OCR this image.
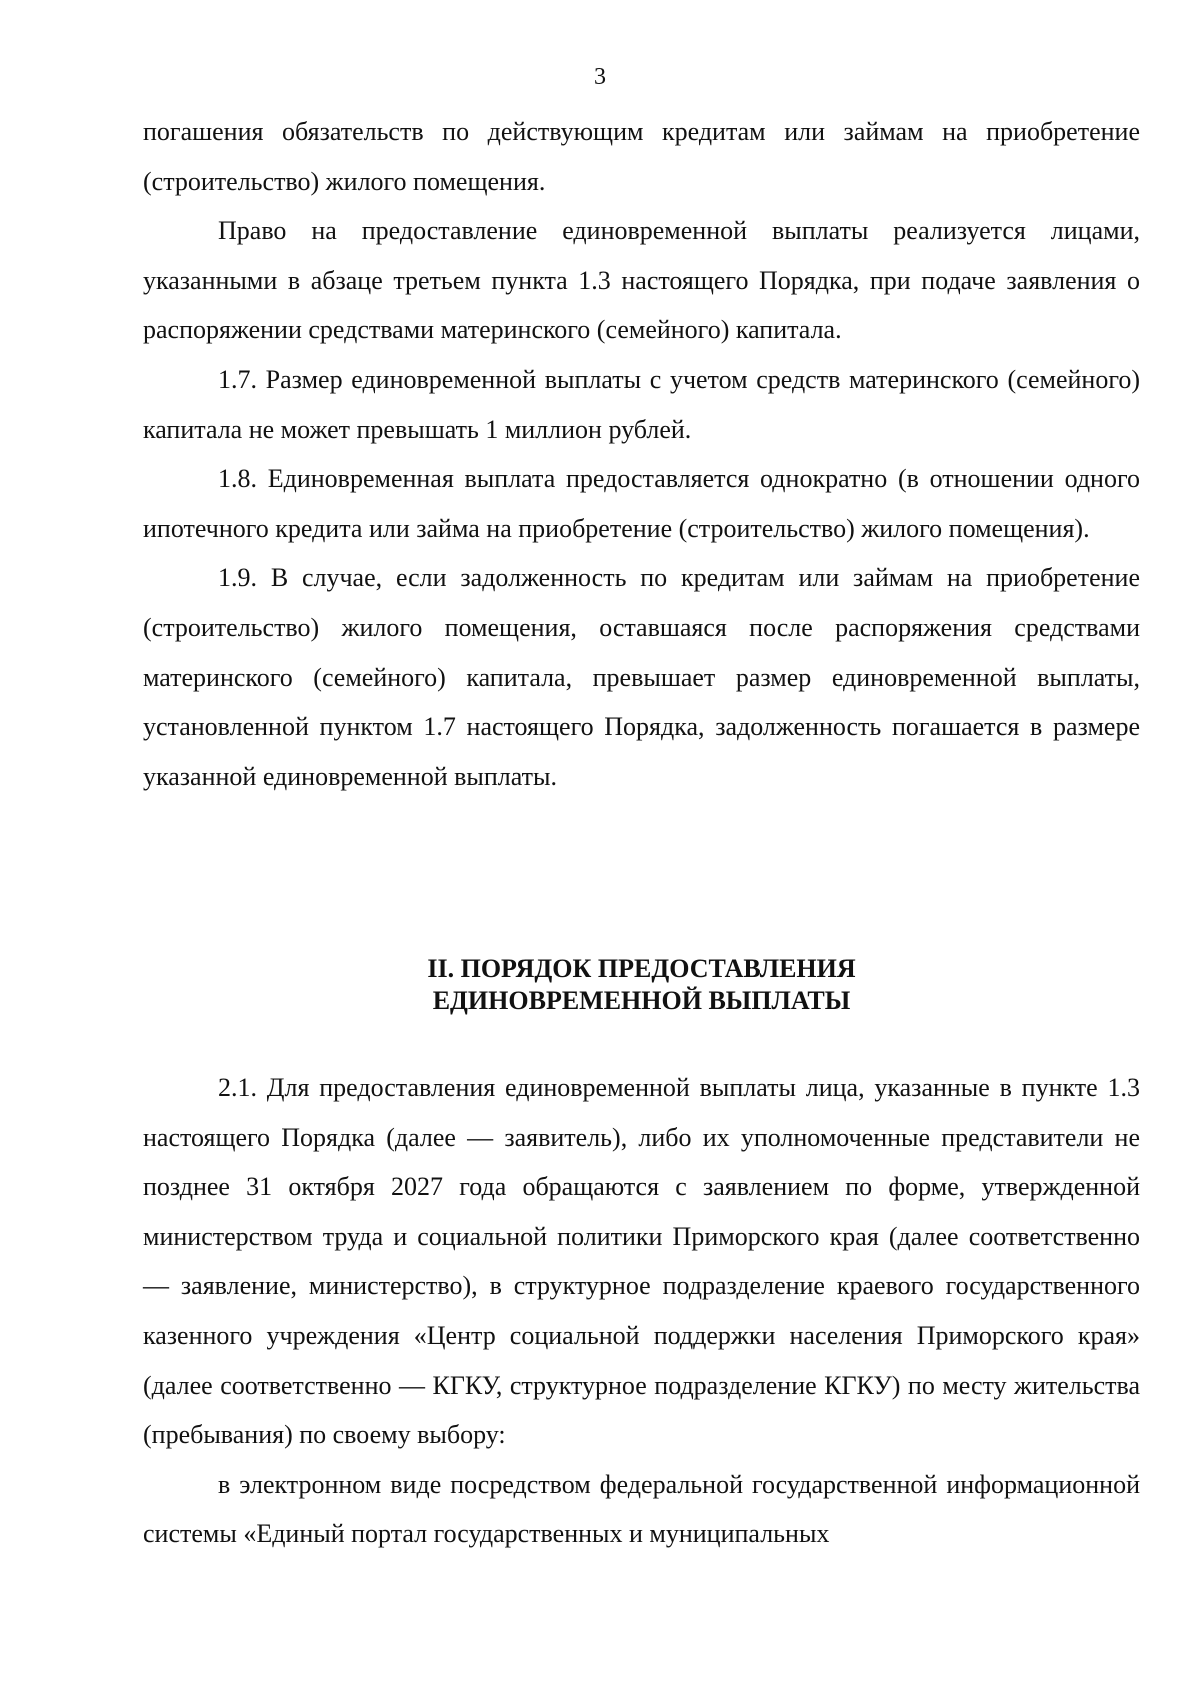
3

погашения обязательств по действующим кредитам или займам на приобретение (строительство) жилого помещения.

Право на предоставление единовременной выплаты реализуется лицами, указанными в абзаце третьем пункта 1.3 настоящего Порядка, при подаче заявления о распоряжении средствами материнского (семейного) капитала.

1.7. Размер единовременной выплаты с учетом средств материнского (семейного) капитала не может превышать 1 миллион рублей.

1.8. Единовременная выплата предоставляется однократно (в отношении одного ипотечного кредита или займа на приобретение (строительство) жилого помещения).

1.9. В случае, если задолженность по кредитам или займам на приобретение (строительство) жилого помещения, оставшаяся после распоряжения средствами материнского (семейного) капитала, превышает размер единовременной выплаты, установленной пунктом 1.7 настоящего Порядка, задолженность погашается в размере указанной единовременной выплаты.

II. ПОРЯДОК ПРЕДОСТАВЛЕНИЯ
ЕДИНОВРЕМЕННОЙ ВЫПЛАТЫ

2.1. Для предоставления единовременной выплаты лица, указанные в пункте 1.3 настоящего Порядка (далее — заявитель), либо их уполномоченные представители не позднее 31 октября 2027 года обращаются с заявлением по форме, утвержденной министерством труда и социальной политики Приморского края (далее соответственно — заявление, министерство), в структурное подразделение краевого государственного казенного учреждения «Центр социальной поддержки населения Приморского края» (далее соответственно — КГКУ, структурное подразделение КГКУ) по месту жительства (пребывания) по своему выбору:

в электронном виде посредством федеральной государственной информационной системы «Единый портал государственных и муниципальных
